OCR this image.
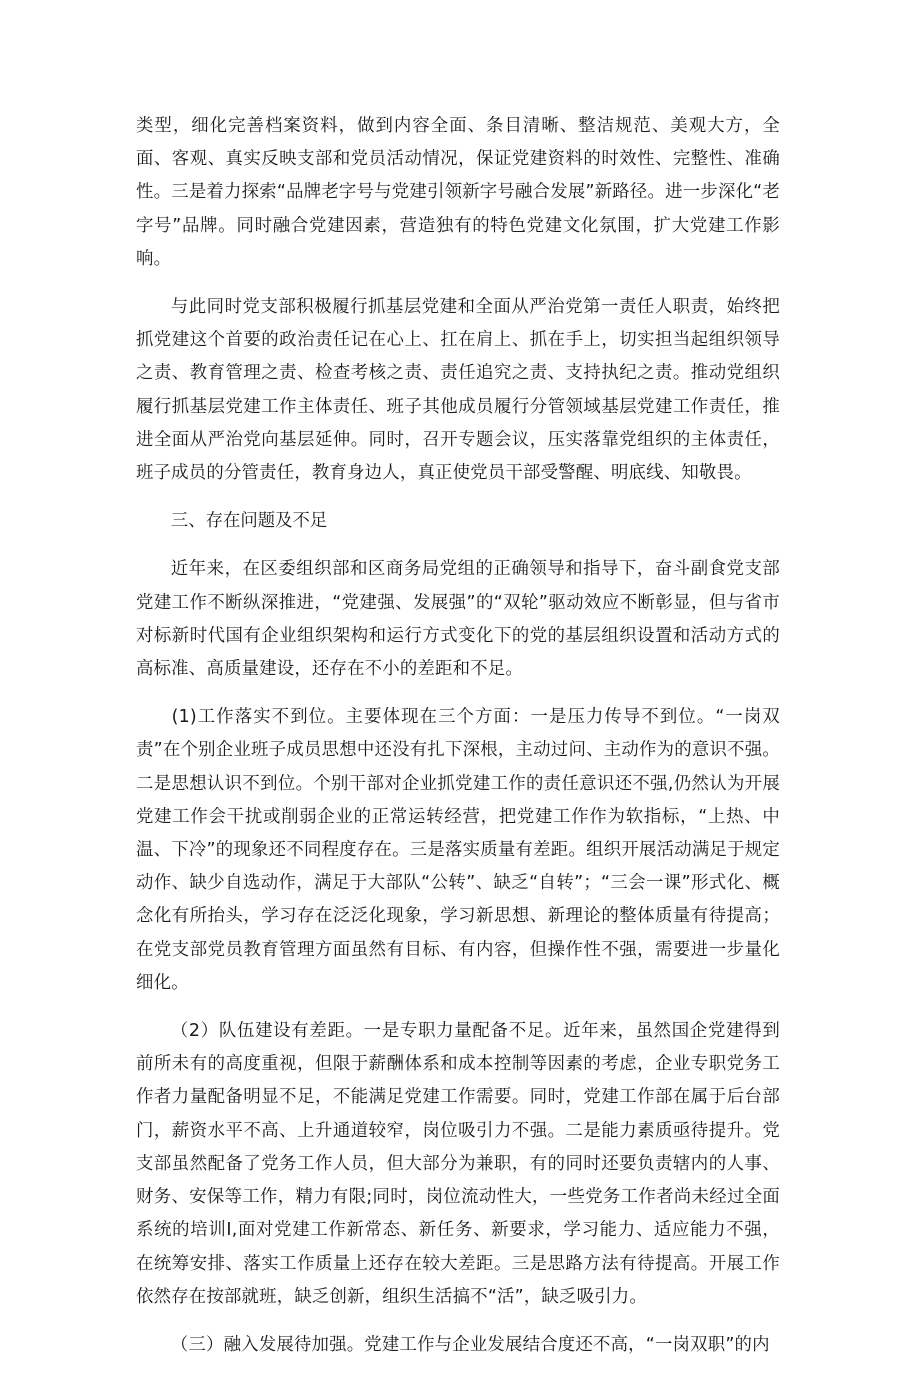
类型，细化完善档案资料，做到内容全面、条目清晰、整洁规范、美观大方，全面、客观、真实反映支部和党员活动情况，保证党建资料的时效性、完整性、准确性。三是着力探索“品牌老字号与党建引领新字号融合发展”新路径。进一步深化“老字号”品牌。同时融合党建因素，营造独有的特色党建文化氛围，扩大党建工作影响。

与此同时党支部积极履行抓基层党建和全面从严治党第一责任人职责，始终把抓党建这个首要的政治责任记在心上、扛在肩上、抓在手上，切实担当起组织领导之责、教育管理之责、检查考核之责、责任追究之责、支持执纪之责。推动党组织履行抓基层党建工作主体责任、班子其他成员履行分管领域基层党建工作责任，推进全面从严治党向基层延伸。同时，召开专题会议，压实落靠党组织的主体责任，班子成员的分管责任，教育身边人，真正使党员干部受警醒、明底线、知敬畏。

三、存在问题及不足

近年来，在区委组织部和区商务局党组的正确领导和指导下，奋斗副食党支部党建工作不断纵深推进，“党建强、发展强”的“双轮”驱动效应不断彰显，但与省市对标新时代国有企业组织架构和运行方式变化下的党的基层组织设置和活动方式的高标准、高质量建设，还存在不小的差距和不足。

(1)工作落实不到位。主要体现在三个方面：一是压力传导不到位。“一岗双责”在个别企业班子成员思想中还没有扎下深根，主动过问、主动作为的意识不强。二是思想认识不到位。个别干部对企业抓党建工作的责任意识还不强,仍然认为开展党建工作会干扰或削弱企业的正常运转经营，把党建工作作为软指标，“上热、中温、下冷”的现象还不同程度存在。三是落实质量有差距。组织开展活动满足于规定动作、缺少自选动作，满足于大部队“公转”、缺乏“自转”；“三会一课”形式化、概念化有所抬头，学习存在泛泛化现象，学习新思想、新理论的整体质量有待提高；在党支部党员教育管理方面虽然有目标、有内容，但操作性不强，需要进一步量化细化。

（2）队伍建设有差距。一是专职力量配备不足。近年来，虽然国企党建得到前所未有的高度重视，但限于薪酬体系和成本控制等因素的考虑，企业专职党务工作者力量配备明显不足，不能满足党建工作需要。同时，党建工作部在属于后台部门，薪资水平不高、上升通道较窄，岗位吸引力不强。二是能力素质亟待提升。党支部虽然配备了党务工作人员，但大部分为兼职，有的同时还要负责辖内的人事、财务、安保等工作，精力有限;同时，岗位流动性大，一些党务工作者尚未经过全面系统的培训I,面对党建工作新常态、新任务、新要求，学习能力、适应能力不强，在统筹安排、落实工作质量上还存在较大差距。三是思路方法有待提高。开展工作依然存在按部就班，缺乏创新，组织生活搞不“活”，缺乏吸引力。

（三）融入发展待加强。党建工作与企业发展结合度还不高，“一岗双职”的内
